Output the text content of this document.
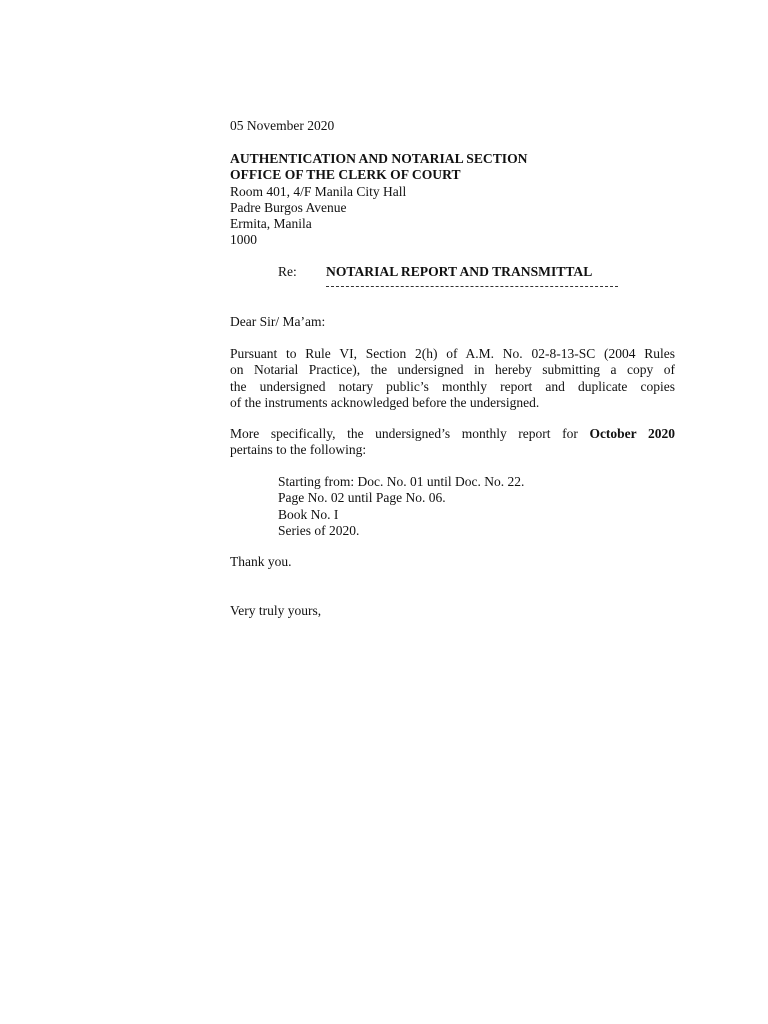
05 November 2020
AUTHENTICATION AND NOTARIAL SECTION
OFFICE OF THE CLERK OF COURT
Room 401, 4/F Manila City Hall
Padre Burgos Avenue
Ermita, Manila
1000
Re: NOTARIAL REPORT AND TRANSMITTAL
Dear Sir/ Ma’am:
Pursuant to Rule VI, Section 2(h) of A.M. No. 02-8-13-SC (2004 Rules
on Notarial Practice), the undersigned in hereby submitting a copy of
the undersigned notary public’s monthly report and duplicate copies
of the instruments acknowledged before the undersigned.
More specifically, the undersigned’s monthly report for October 2020
pertains to the following:
Starting from: Doc. No. 01 until Doc. No. 22.
Page No. 02 until Page No. 06.
Book No. I
Series of 2020.
Thank you.
Very truly yours,
